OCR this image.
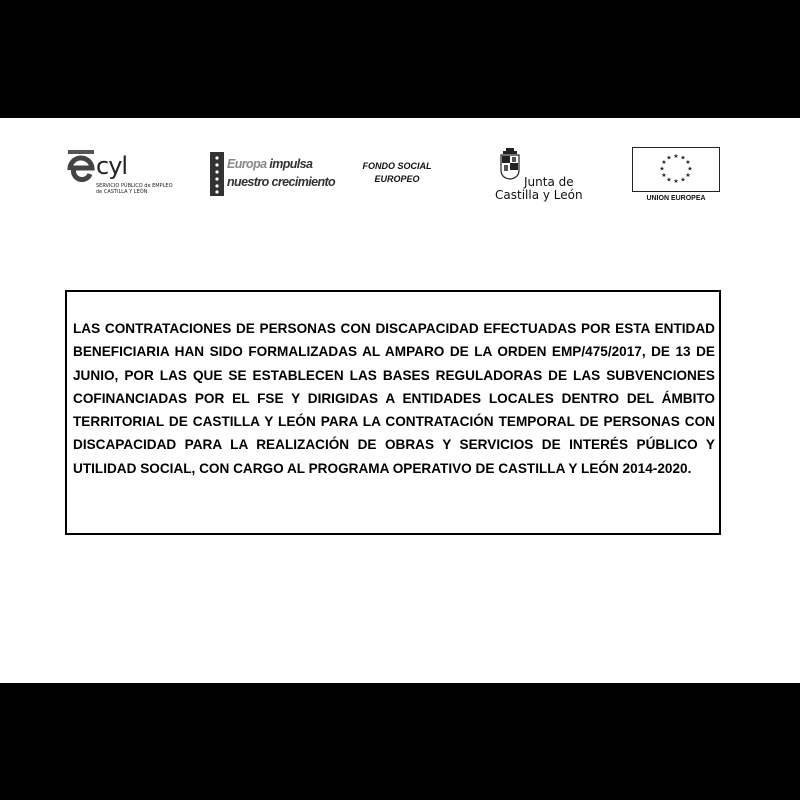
cyl
SERVICIO PÚBLICO de EMPLEO de CASTILLA Y LEÓN
Europa impulsa
nuestro crecimiento
FONDO SOCIAL
EUROPEO	Junta de
Castilla y León
★ ★
★
★
★
★
★
★
★
★
★
★
UNION EUROPEA

LAS CONTRATACIONES DE PERSONAS CON DISCAPACIDAD EFECTUADAS POR ESTA ENTIDAD BENEFICIARIA HAN SIDO FORMALIZADAS AL AMPARO DE LA ORDEN EMP/475/2017, DE 13 DE JUNIO, POR LAS QUE SE ESTABLECEN LAS BASES REGULADORAS DE LAS SUBVENCIONES COFINANCIADAS POR EL FSE Y DIRIGIDAS A ENTIDADES LOCALES DENTRO DEL ÁMBITO TERRITORIAL DE CASTILLA Y LEÓN PARA LA CONTRATACIÓN TEMPORAL DE PERSONAS CON DISCAPACIDAD PARA LA REALIZACIÓN DE OBRAS Y SERVICIOS DE INTERÉS PÚBLICO Y UTILIDAD SOCIAL, CON CARGO AL PROGRAMA OPERATIVO DE CASTILLA Y LEÓN 2014-2020.
